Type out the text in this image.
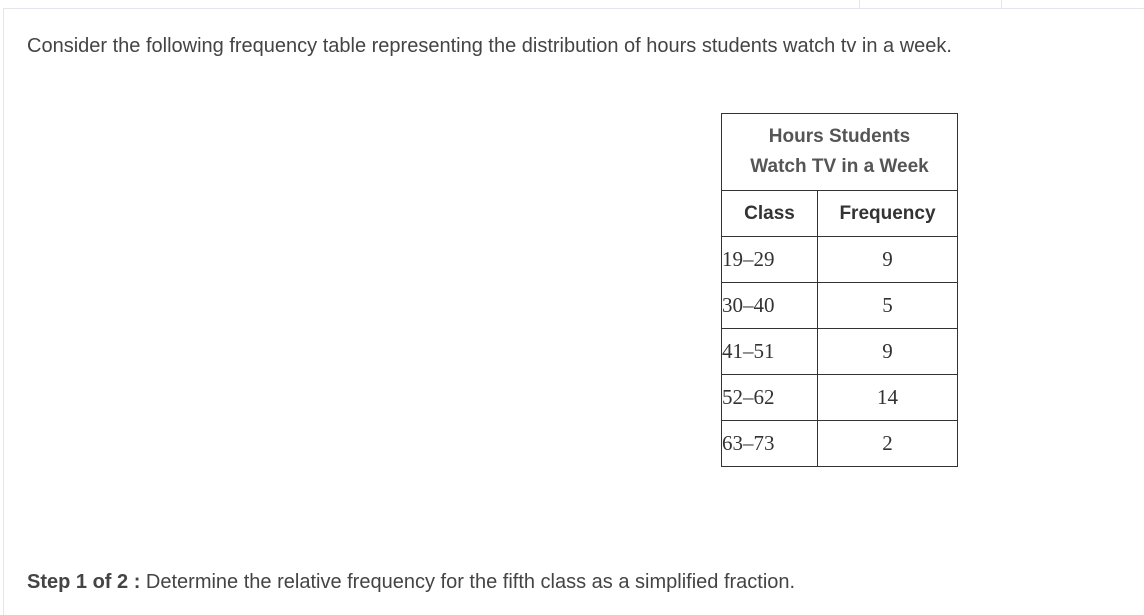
Consider the following frequency table representing the distribution of hours students watch tv in a week.
Hours Students
Watch TV in a Week	

Class	Frequency
19–29	9
30–40	5
41–51	9
52–62	14
63–73	2
Step 1 of 2 : Determine the relative frequency for the fifth class as a simplified fraction.
